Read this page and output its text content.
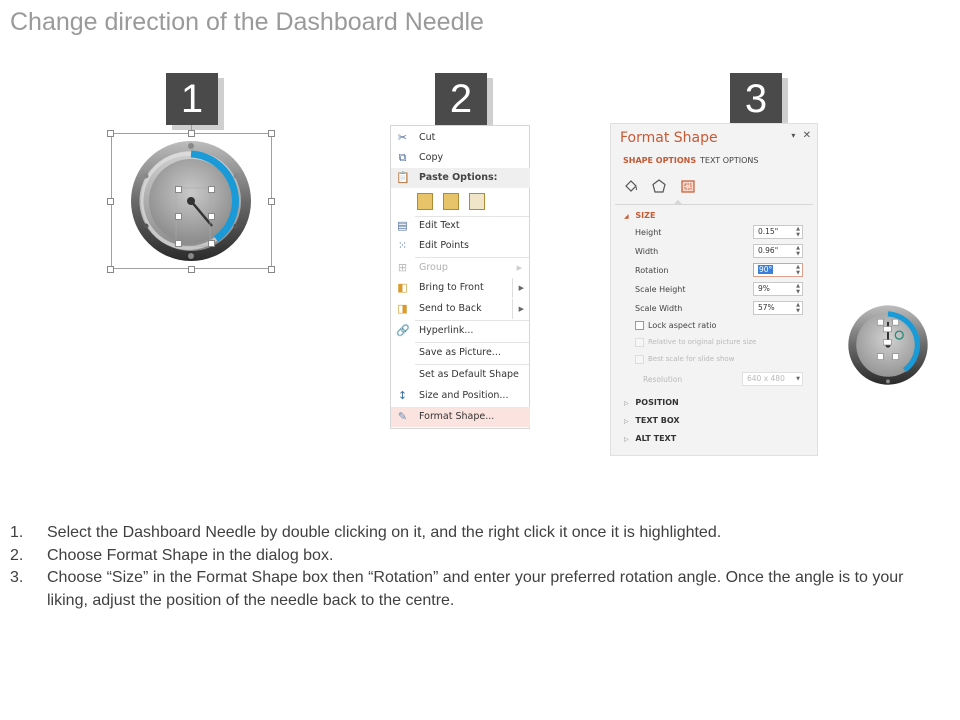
Change direction of the Dashboard Needle
1	2	3
✂ Cut
⧉ Copy
📋 Paste Options:
▤ Edit Text
⁙ Edit Points
⊞ Group	▶
◧ Bring to Front	▶
◨ Send to Back	▶
🔗 Hyperlink...
Save as Picture...
Set as Default Shape
↕ Size and Position...
✎ Format Shape...
Format Shape	▾ ✕
SHAPE OPTIONS TEXT OPTIONS
◢ SIZE
Height	0.15"	▲
▼
Width	0.96"	▲
▼
Rotation	90°	▲
▼
Scale Height	9%	▲
▼
Scale Width	57%	▲
▼
Lock aspect ratio
Relative to original picture size
Best scale for slide show
Resolution	640 x 480 ▼
▷ POSITION
▷ TEXT BOX
▷ ALT TEXT
1. Select the Dashboard Needle by double clicking on it, and the right click it once it is highlighted.
2. Choose Format Shape in the dialog box.
3. Choose “Size” in the Format Shape box then “Rotation” and enter your preferred rotation angle. Once the angle is to your liking, adjust the position of the needle back to the centre.
